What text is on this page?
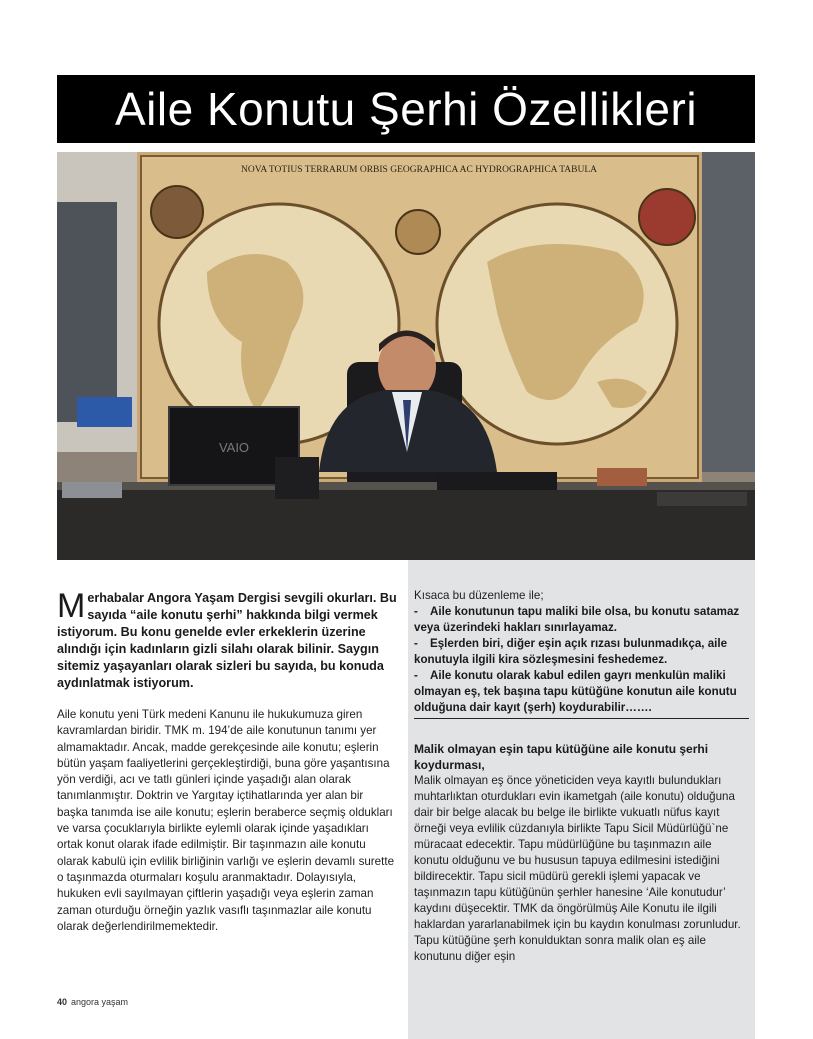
Aile Konutu Şerhi Özellikleri
NOVA TOTIUS TERRARUM ORBIS GEOGRAPHICA AC HYDROGRAPHICA TABULA
VAIO

Merhabalar Angora Yaşam Dergisi sevgili okurları. Bu sayıda “aile konutu şerhi” hakkında bilgi vermek istiyorum. Bu konu genelde evler erkeklerin üzerine alındığı için kadınların gizli silahı olarak bilinir. Saygın sitemiz yaşayanları olarak sizleri bu sayıda, bu konuda aydınlatmak istiyorum.

Aile konutu yeni Türk medeni Kanunu ile hukukumuza giren kavramlardan biridir. TMK m. 194’de aile konutunun tanımı yer almamaktadır. Ancak, madde gerekçesinde aile konutu; eşlerin bütün yaşam faaliyetlerini gerçekleştirdiği, buna göre yaşantısına yön verdiği, acı ve tatlı günleri içinde yaşadığı alan olarak tanımlanmıştır. Doktrin ve Yargıtay içtihatlarında yer alan bir başka tanımda ise aile konutu; eşlerin beraberce seçmiş oldukları ve varsa çocuklarıyla birlikte eylemli olarak içinde yaşadıkları ortak konut olarak ifade edilmiştir. Bir taşınmazın aile konutu olarak kabulü için evlilik birliğinin varlığı ve eşlerin devamlı surette o taşınmazda oturmaları koşulu aranmaktadır. Dolayısıyla, hukuken evli sayılmayan çiftlerin yaşadığı veya eşlerin zaman zaman oturduğu örneğin yazlık vasıflı taşınmazlar aile konutu olarak değerlendirilmemektedir.

Kısaca bu düzenleme ile;

- Aile konutunun tapu maliki bile olsa, bu konutu satamaz veya üzerindeki hakları sınırlayamaz.

- Eşlerden biri, diğer eşin açık rızası bulunmadıkça, aile konutuyla ilgili kira sözleşmesini feshedemez.

- Aile konutu olarak kabul edilen gayrı menkulün maliki olmayan eş, tek başına tapu kütüğüne konutun aile konutu olduğuna dair kayıt (şerh) koydurabilir…….

Malik olmayan eşin tapu kütüğüne aile konutu şerhi koydurması,

Malik olmayan eş önce yöneticiden veya kayıtlı bulundukları muhtarlıktan oturdukları evin ikametgah (aile konutu) olduğuna dair bir belge alacak bu belge ile birlikte vukuatlı nüfus kayıt örneği veya evlilik cüzdanıyla birlikte Tapu Sicil Müdürlüğü`ne müracaat edecektir. Tapu müdürlüğüne bu taşınmazın aile konutu olduğunu ve bu hususun tapuya edilmesini istediğini bildirecektir. Tapu sicil müdürü gerekli işlemi yapacak ve taşınmazın tapu kütüğünün şerhler hanesine ‘Aile konutudur’ kaydını düşecektir. TMK da öngörülmüş Aile Konutu ile ilgili haklardan yararlanabilmek için bu kaydın konulması zorunludur. Tapu kütüğüne şerh konulduktan sonra malik olan eş aile konutunu diğer eşin

40 angora yaşam
